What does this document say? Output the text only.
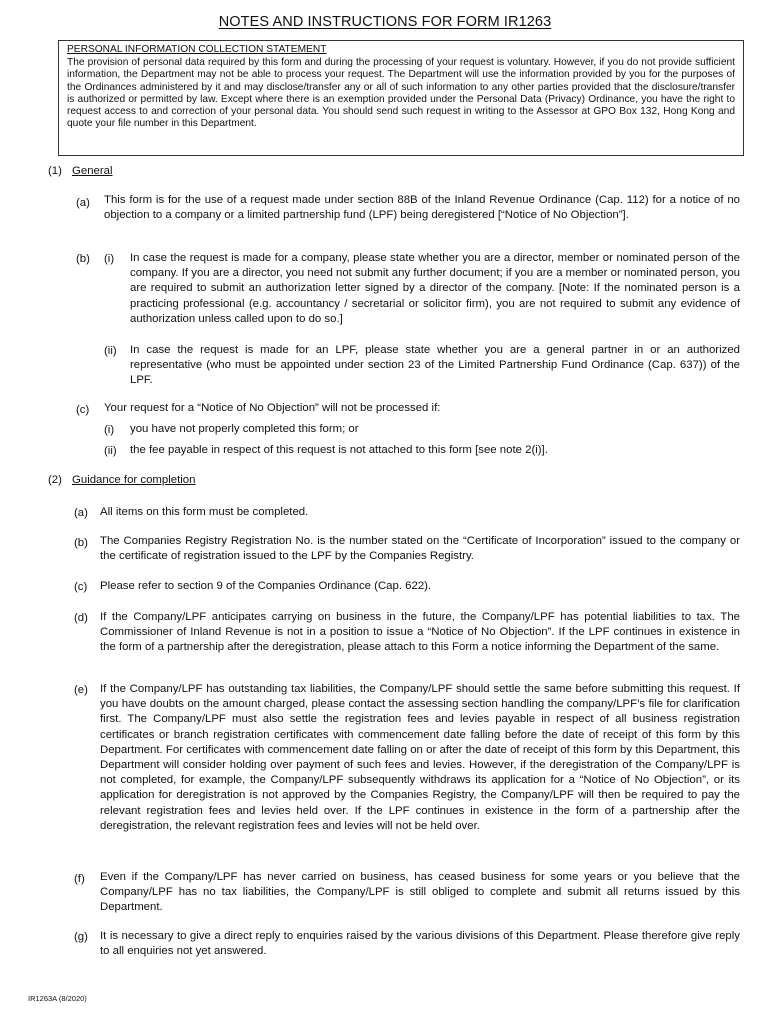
NOTES AND INSTRUCTIONS FOR FORM IR1263
PERSONAL INFORMATION COLLECTION STATEMENT
The provision of personal data required by this form and during the processing of your request is voluntary. However, if you do not provide sufficient information, the Department may not be able to process your request. The Department will use the information provided by you for the purposes of the Ordinances administered by it and may disclose/transfer any or all of such information to any other parties provided that the disclosure/transfer is authorized or permitted by law. Except where there is an exemption provided under the Personal Data (Privacy) Ordinance, you have the right to request access to and correction of your personal data. You should send such request in writing to the Assessor at GPO Box 132, Hong Kong and quote your file number in this Department.
(1) General
(a) This form is for the use of a request made under section 88B of the Inland Revenue Ordinance (Cap. 112) for a notice of no objection to a company or a limited partnership fund (LPF) being deregistered [“Notice of No Objection”].
(b) (i) In case the request is made for a company, please state whether you are a director, member or nominated person of the company. If you are a director, you need not submit any further document; if you are a member or nominated person, you are required to submit an authorization letter signed by a director of the company. [Note: If the nominated person is a practicing professional (e.g. accountancy / secretarial or solicitor firm), you are not required to submit any evidence of authorization unless called upon to do so.]
(ii) In case the request is made for an LPF, please state whether you are a general partner in or an authorized representative (who must be appointed under section 23 of the Limited Partnership Fund Ordinance (Cap. 637)) of the LPF.
(c) Your request for a “Notice of No Objection” will not be processed if:
(i) you have not properly completed this form; or
(ii) the fee payable in respect of this request is not attached to this form [see note 2(i)].
(2) Guidance for completion
(a) All items on this form must be completed.
(b) The Companies Registry Registration No. is the number stated on the “Certificate of Incorporation” issued to the company or the certificate of registration issued to the LPF by the Companies Registry.
(c) Please refer to section 9 of the Companies Ordinance (Cap. 622).
(d) If the Company/LPF anticipates carrying on business in the future, the Company/LPF has potential liabilities to tax. The Commissioner of Inland Revenue is not in a position to issue a “Notice of No Objection”. If the LPF continues in existence in the form of a partnership after the deregistration, please attach to this Form a notice informing the Department of the same.
(e) If the Company/LPF has outstanding tax liabilities, the Company/LPF should settle the same before submitting this request. If you have doubts on the amount charged, please contact the assessing section handling the company/LPF’s file for clarification first. The Company/LPF must also settle the registration fees and levies payable in respect of all business registration certificates or branch registration certificates with commencement date falling before the date of receipt of this form by this Department. For certificates with commencement date falling on or after the date of receipt of this form by this Department, this Department will consider holding over payment of such fees and levies. However, if the deregistration of the Company/LPF is not completed, for example, the Company/LPF subsequently withdraws its application for a “Notice of No Objection”, or its application for deregistration is not approved by the Companies Registry, the Company/LPF will then be required to pay the relevant registration fees and levies held over. If the LPF continues in existence in the form of a partnership after the deregistration, the relevant registration fees and levies will not be held over.
(f) Even if the Company/LPF has never carried on business, has ceased business for some years or you believe that the Company/LPF has no tax liabilities, the Company/LPF is still obliged to complete and submit all returns issued by this Department.
(g) It is necessary to give a direct reply to enquiries raised by the various divisions of this Department. Please therefore give reply to all enquiries not yet answered.
IR1263A (8/2020)
